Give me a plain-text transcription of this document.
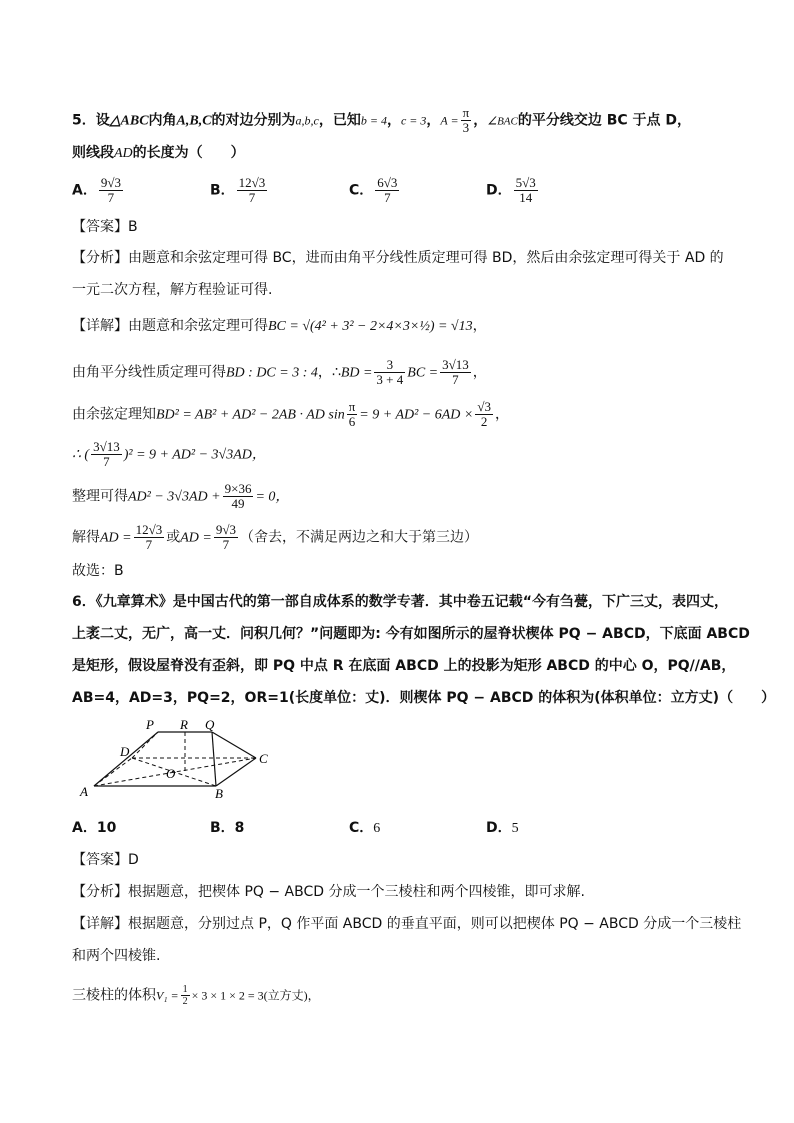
5．设△ABC内角A,B,C的对边分别为a,b,c，已知b = 4，c = 3，$A = \frac{\pi}{3}$ ，∠BAC的平分线交边 BC 于点 D，
则线段AD的长度为（　　）
A． $\frac{9√3}{7}$	B． $\frac{12√3}{7}$	C． $\frac{6√3}{7}$	D． $\frac{5√3}{14}$
【答案】B
【分析】由题意和余弦定理可得 BC，进而由角平分线性质定理可得 BD，然后由余弦定理可得关于 AD 的
一元二次方程，解方程验证可得.
【详解】由题意和余弦定理可得BC = √(4² + 3² − 2×4×3×½) = √13，
由角平分线性质定理可得BD : DC = 3 : 4，∴BD = $\frac{3}{3 + 4}$ BC = $\frac{3√13}{7}$ ，
由余弦定理知BD² = AB² + AD² − 2AB · AD $\sin \frac{\pi}{6} = 9 + AD^2 - 6AD \times \frac{√3}{2}$ ，
∴ ( $\frac{3√13}{7} )^2 = 9 + AD^2 - 3√3AD$，
整理可得$AD^2 - 3√3AD + \frac{9\times 36}{49} = 0$，
解得AD = $\frac{12√3}{7}$ 或AD = $\frac{9√3}{7}$ （舍去，不满足两边之和大于第三边）
故选：B
6．《九章算术》是中国古代的第一部自成体系的数学专著．其中卷五记载“今有刍甍，下广三丈，表四丈，
上袤二丈，无广，高一丈．问积几何？”问题即为: 今有如图所示的屋脊状楔体 PQ − ABCD，下底面 ABCD
是矩形，假设屋脊没有歪斜，即 PQ 中点 R 在底面 ABCD 上的投影为矩形 ABCD 的中心 O，PQ//AB，
AB=4，AD=3，PQ=2，OR=1(长度单位：丈)．则楔体 PQ − ABCD 的体积为(体积单位：立方丈)（　　）
P R Q
D	C
O
A	B
A．10	B．8	C．6	D．5
【答案】D
【分析】根据题意，把楔体 PQ − ABCD 分成一个三棱柱和两个四棱锥，即可求解.
【详解】根据题意，分别过点 P，Q 作平面 ABCD 的垂直平面，则可以把楔体 PQ − ABCD 分成一个三棱柱
和两个四棱锥.
三棱柱的体积$V_1 = \frac{1}{2} \times 3 \times 1 \times 2 = 3$(立方丈)，
